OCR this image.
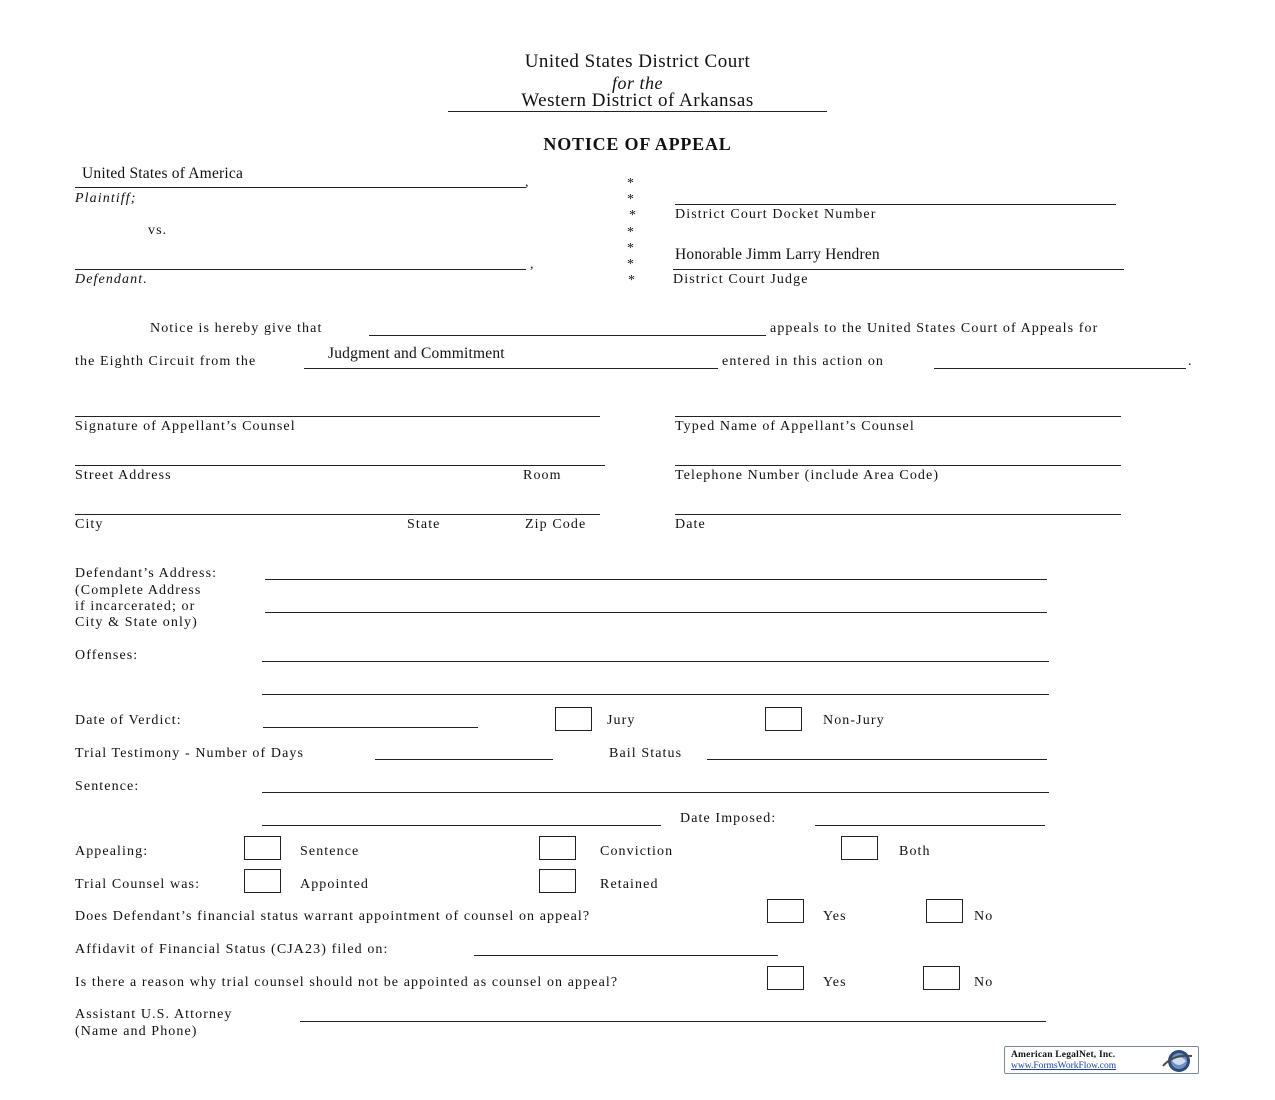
United States District Court
for the
Western District of Arkansas
NOTICE OF APPEAL
United States of America
,
Plaintiff;
vs.
,
Defendant.
*
*
*
*
*
*
*
District Court Docket Number
Honorable Jimm Larry Hendren
District Court Judge
Notice is hereby give that	appeals to the United States Court of Appeals for
the Eighth Circuit from the	Judgment and Commitment	entered in this action on	.
Signature of Appellant’s Counsel	Typed Name of Appellant’s Counsel
Street Address	Room	Telephone Number (include Area Code)
City	State	Zip Code	Date
Defendant’s Address:
(Complete Address
if incarcerated; or
City & State only)
Offenses:
Date of Verdict:	Jury	Non-Jury
Trial Testimony - Number of Days	Bail Status
Sentence:
Date Imposed:
Appealing:	Sentence	Conviction	Both
Trial Counsel was:	Appointed	Retained
Does Defendant’s financial status warrant appointment of counsel on appeal?	Yes	No
Affidavit of Financial Status (CJA23) filed on:
Is there a reason why trial counsel should not be appointed as counsel on appeal?	Yes	No
Assistant U.S. Attorney
(Name and Phone)
American LegalNet, Inc.
www.FormsWorkFlow.com
